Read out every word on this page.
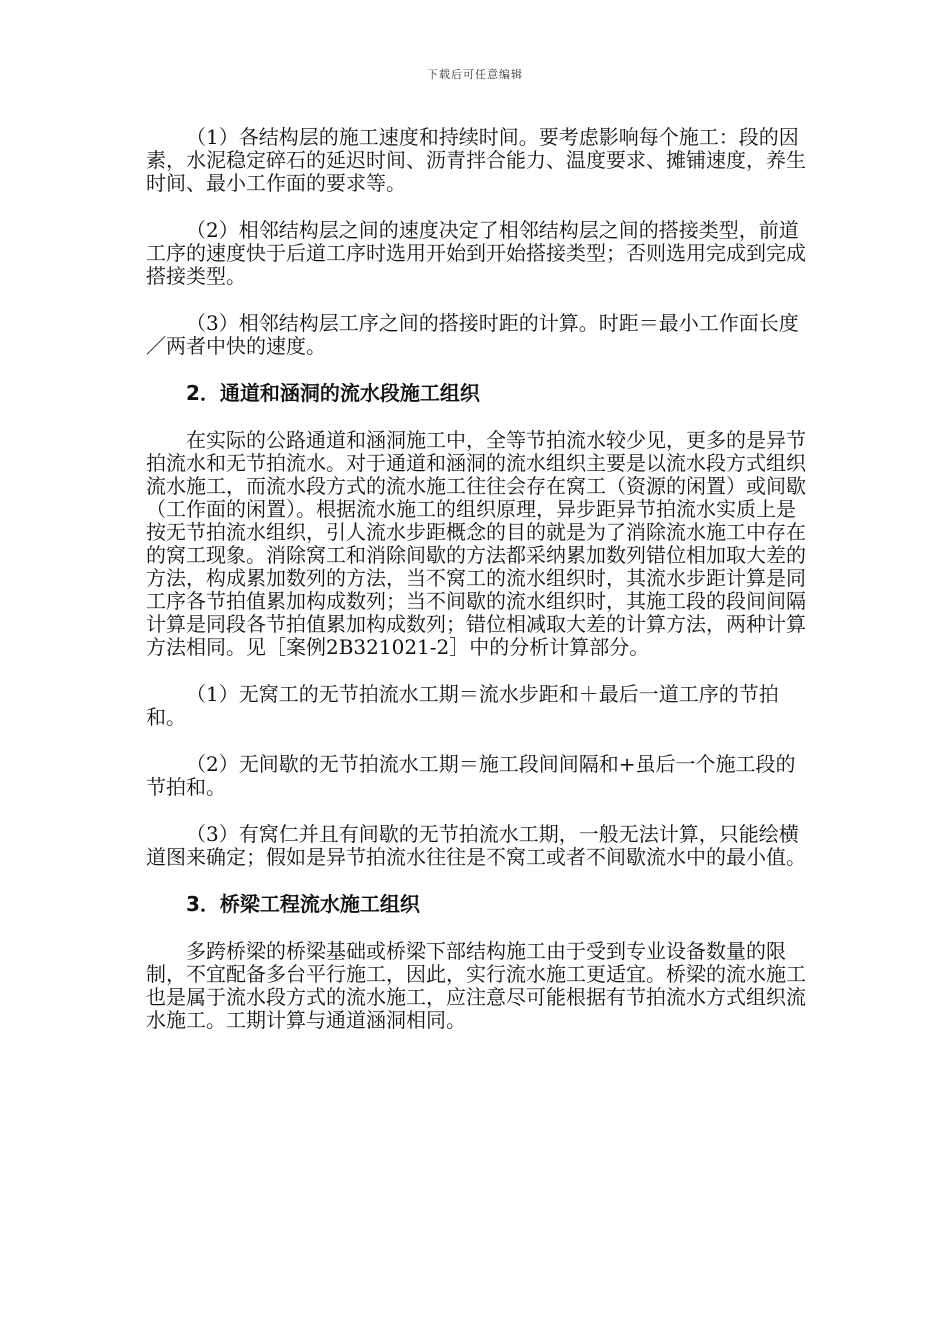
下载后可任意编辑

（1）各结构层的施工速度和持续时间。要考虑影响每个施工：段的因素，水泥稳定碎石的延迟时间、沥青拌合能力、温度要求、摊铺速度，养生时间、最小工作面的要求等。

（2）相邻结构层之间的速度决定了相邻结构层之间的搭接类型，前道工序的速度快于后道工序时选用开始到开始搭接类型；否则选用完成到完成搭接类型。

（3）相邻结构层工序之间的搭接时距的计算。时距＝最小工作面长度／两者中快的速度。

2．通道和涵洞的流水段施工组织

在实际的公路通道和涵洞施工中，全等节拍流水较少见，更多的是异节拍流水和无节拍流水。对于通道和涵洞的流水组织主要是以流水段方式组织流水施工，而流水段方式的流水施工往往会存在窝工（资源的闲置）或间歇（工作面的闲置）。根据流水施工的组织原理，异步距异节拍流水实质上是按无节拍流水组织，引人流水步距概念的目的就是为了消除流水施工中存在的窝工现象。消除窝工和消除间歇的方法都采纳累加数列错位相加取大差的方法，构成累加数列的方法，当不窝工的流水组织时，其流水步距计算是同工序各节拍值累加构成数列；当不间歇的流水组织时，其施工段的段间间隔计算是同段各节拍值累加构成数列；错位相减取大差的计算方法，两种计算方法相同。见［案例2B321021-2］中的分析计算部分。

（1）无窝工的无节拍流水工期＝流水步距和＋最后一道工序的节拍和。

（2）无间歇的无节拍流水工期＝施工段间间隔和+虽后一个施工段的节拍和。

（3）有窝仁并且有间歇的无节拍流水工期，一般无法计算，只能绘横道图来确定；假如是异节拍流水往往是不窝工或者不间歇流水中的最小值。

3．桥梁工程流水施工组织

多跨桥梁的桥梁基础或桥梁下部结构施工由于受到专业设备数量的限制，不宜配备多台平行施工，因此，实行流水施工更适宜。桥梁的流水施工也是属于流水段方式的流水施工，应注意尽可能根据有节拍流水方式组织流水施工。工期计算与通道涵洞相同。
